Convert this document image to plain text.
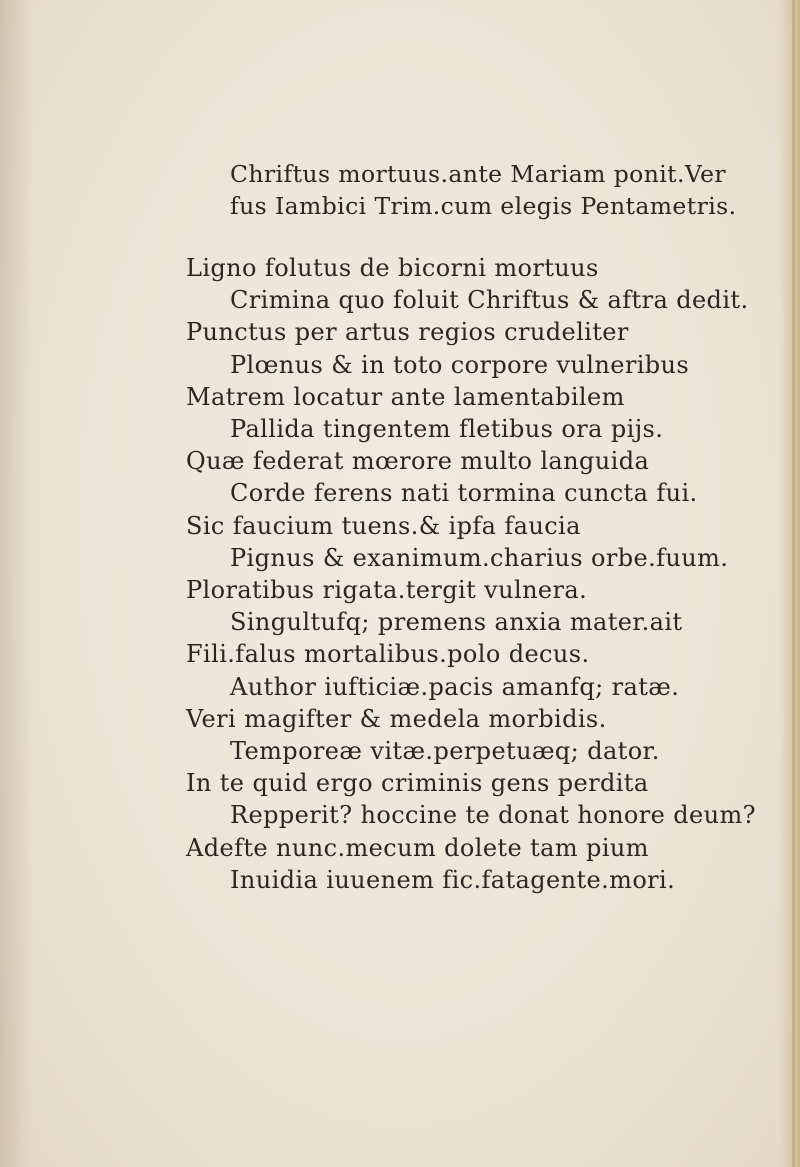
Chriftus mortuus.ante Mariam ponit.Ver
fus Iambici Trim.cum elegis Pentametris.
Ligno folutus de bicorni mortuus
Crimina quo foluit Chriftus & aftra dedit.
Punctus per artus regios crudeliter
Plœnus & in toto corpore vulneribus
Matrem locatur ante lamentabilem
Pallida tingentem fletibus ora pijs.
Quæ federat mœrore multo languida
Corde ferens nati tormina cuncta fui.
Sic faucium tuens.& ipfa faucia
Pignus & exanimum.charius orbe.fuum.
Ploratibus rigata.tergit vulnera.
Singultufq; premens anxia mater.ait
Fili.falus mortalibus.polo decus.
Author iufticiæ.pacis amanfq; ratæ.
Veri magifter & medela morbidis.
Temporeæ vitæ.perpetuæq; dator.
In te quid ergo criminis gens perdita
Repperit? hoccine te donat honore deum?
Adefte nunc.mecum dolete tam pium
Inuidia iuuenem fic.fatagente.mori.
